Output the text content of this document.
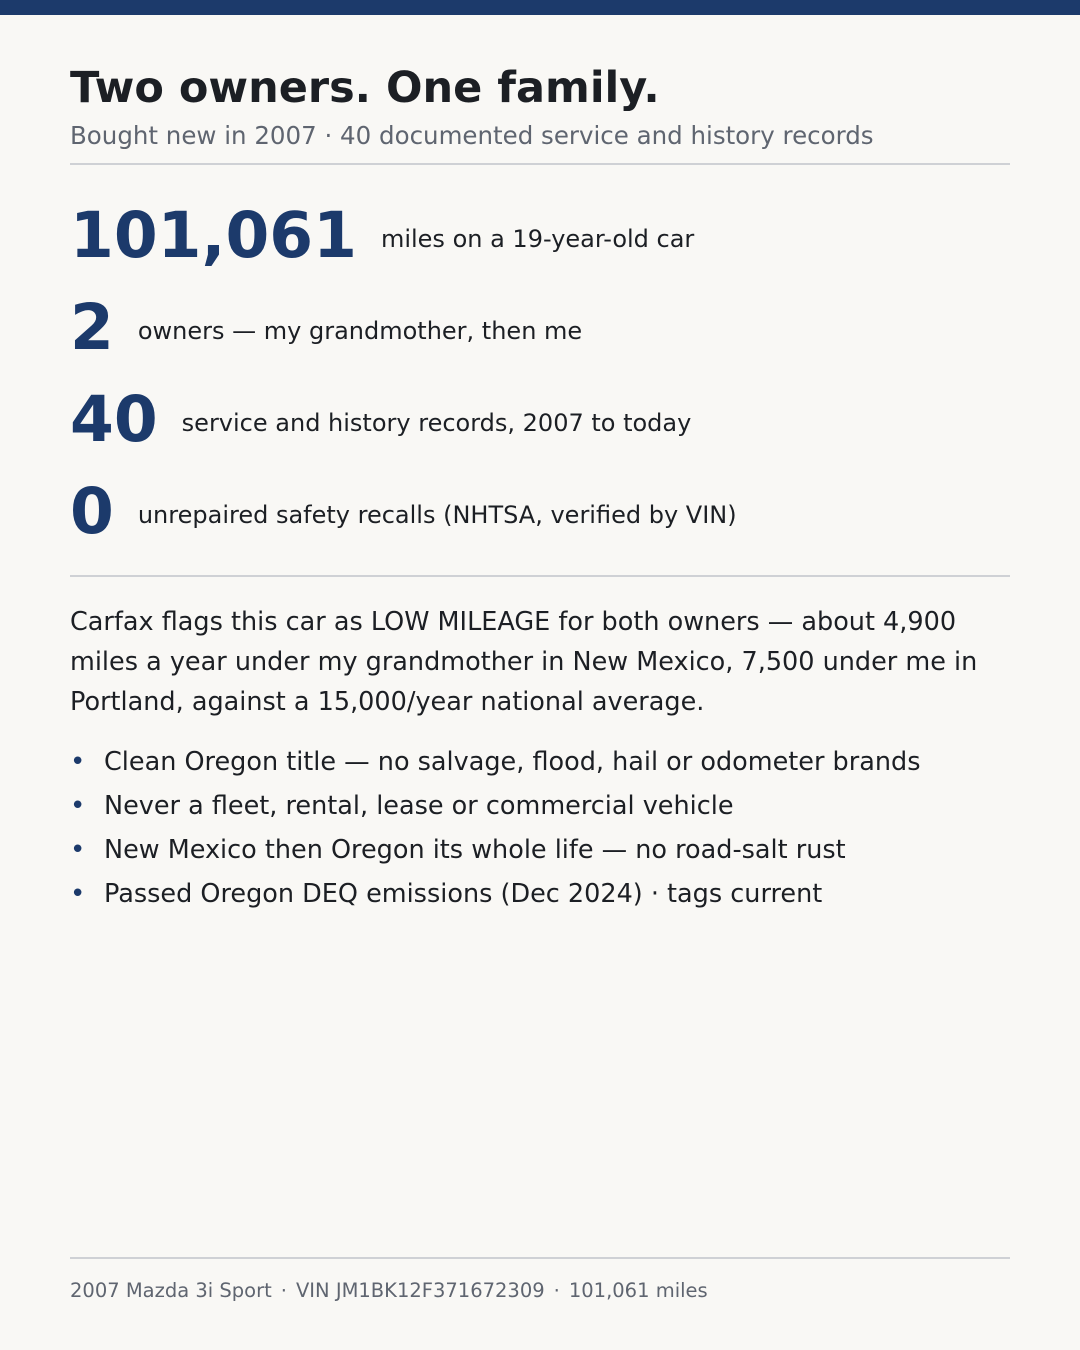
Two owners. One family.
Bought new in 2007 · 40 documented service and history records
101,061 miles on a 19-year-old car
2 owners — my grandmother, then me
40 service and history records, 2007 to today
0 unrepaired safety recalls (NHTSA, verified by VIN)

Carfax flags this car as LOW MILEAGE for both owners — about 4,900 miles a year under my grandmother in New Mexico, 7,500 under me in Portland, against a 15,000/year national average.

• Clean Oregon title — no salvage, flood, hail or odometer brands
• Never a fleet, rental, lease or commercial vehicle
• New Mexico then Oregon its whole life — no road-salt rust
• Passed Oregon DEQ emissions (Dec 2024) · tags current
2007 Mazda 3i Sport · VIN JM1BK12F371672309 · 101,061 miles
